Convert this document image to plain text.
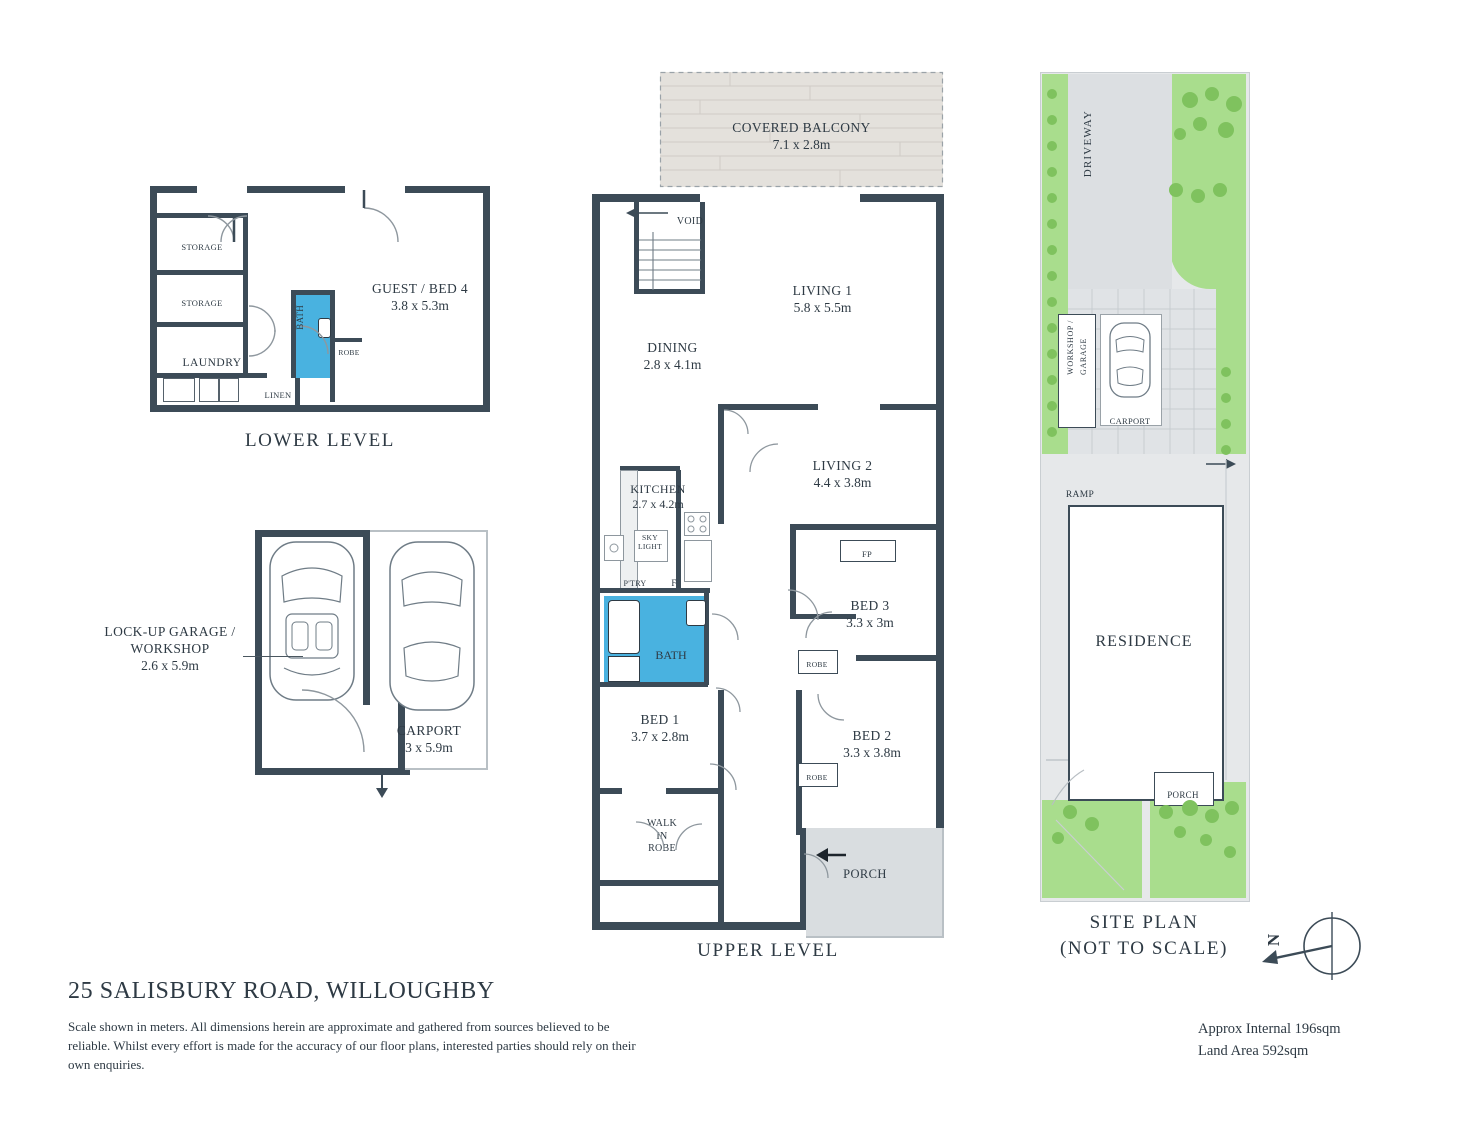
STORAGE
STORAGE
LAUNDRY
LINEN
BATH
ROBE
GUEST / BED 4
3.8 x 5.3m
LOWER LEVEL
LOCK-UP GARAGE /
WORKSHOP
2.6 x 5.9m
CARPORT
3 x 5.9m
COVERED BALCONY
7.1 x 2.8m
VOID
LIVING 1
5.8 x 5.5m
DINING
2.8 x 4.1m
LIVING 2
4.4 x 3.8m
KITCHEN
2.7 x 4.2m
SKY
LIGHT
P'TRY	F
FP
BED 3
3.3 x 3m
ROBE
BATH
BED 2
3.3 x 3.8m
ROBE
BED 1
3.7 x 2.8m
WALK
IN
ROBE
PORCH
UPPER LEVEL
DRIVEWAY
WORKSHOP / GARAGE
CARPORT
RAMP
RESIDENCE
PORCH
SITE PLAN
(NOT TO SCALE)	N
25 SALISBURY ROAD, WILLOUGHBY
Scale shown in meters. All dimensions herein are approximate and gathered from sources believed to be reliable. Whilst every effort is made for the accuracy of our floor plans, interested parties should rely on their own enquiries.
Approx Internal 196sqm
Land Area 592sqm
